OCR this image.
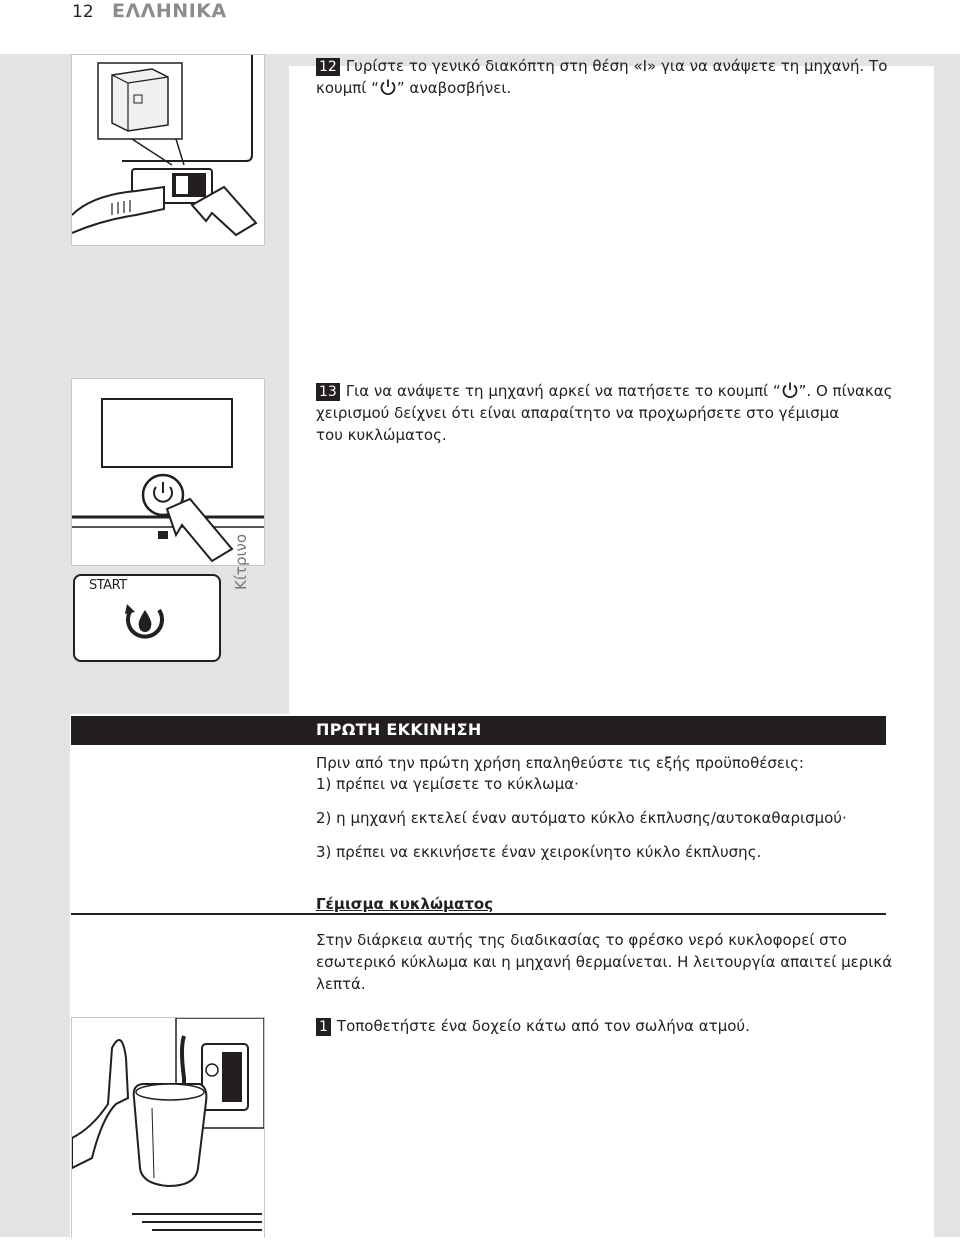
12 ΕΛΛΗΝΙΚΑ
12 Γυρίστε το γενικό διακόπτη στη θέση «I» για να ανάψετε τη μηχανή. Το
κουμπί “ ” αναβοσβήνει.
13 Για να ανάψετε τη μηχανή αρκεί να πατήσετε το κουμπί “ ”. Ο πίνακας
χειρισμού δείχνει ότι είναι απαραίτητο να προχωρήσετε στο γέμισμα
του κυκλώματος.
START	Κίτρινο
ΠΡΩΤΗ ΕΚΚΙΝΗΣΗ
Πριν από την πρώτη χρήση επαληθεύστε τις εξής προϋποθέσεις:
1) πρέπει να γεμίσετε το κύκλωμα·
2) η μηχανή εκτελεί έναν αυτόματο κύκλο έκπλυσης/αυτοκαθαρισμού·
3) πρέπει να εκκινήσετε έναν χειροκίνητο κύκλο έκπλυσης.
Γέμισμα κυκλώματος
Στην διάρκεια αυτής της διαδικασίας το φρέσκο νερό κυκλοφορεί στο
εσωτερικό κύκλωμα και η μηχανή θερμαίνεται. Η λειτουργία απαιτεί μερικά
λεπτά.
1 Τοποθετήστε ένα δοχείο κάτω από τον σωλήνα ατμού.
